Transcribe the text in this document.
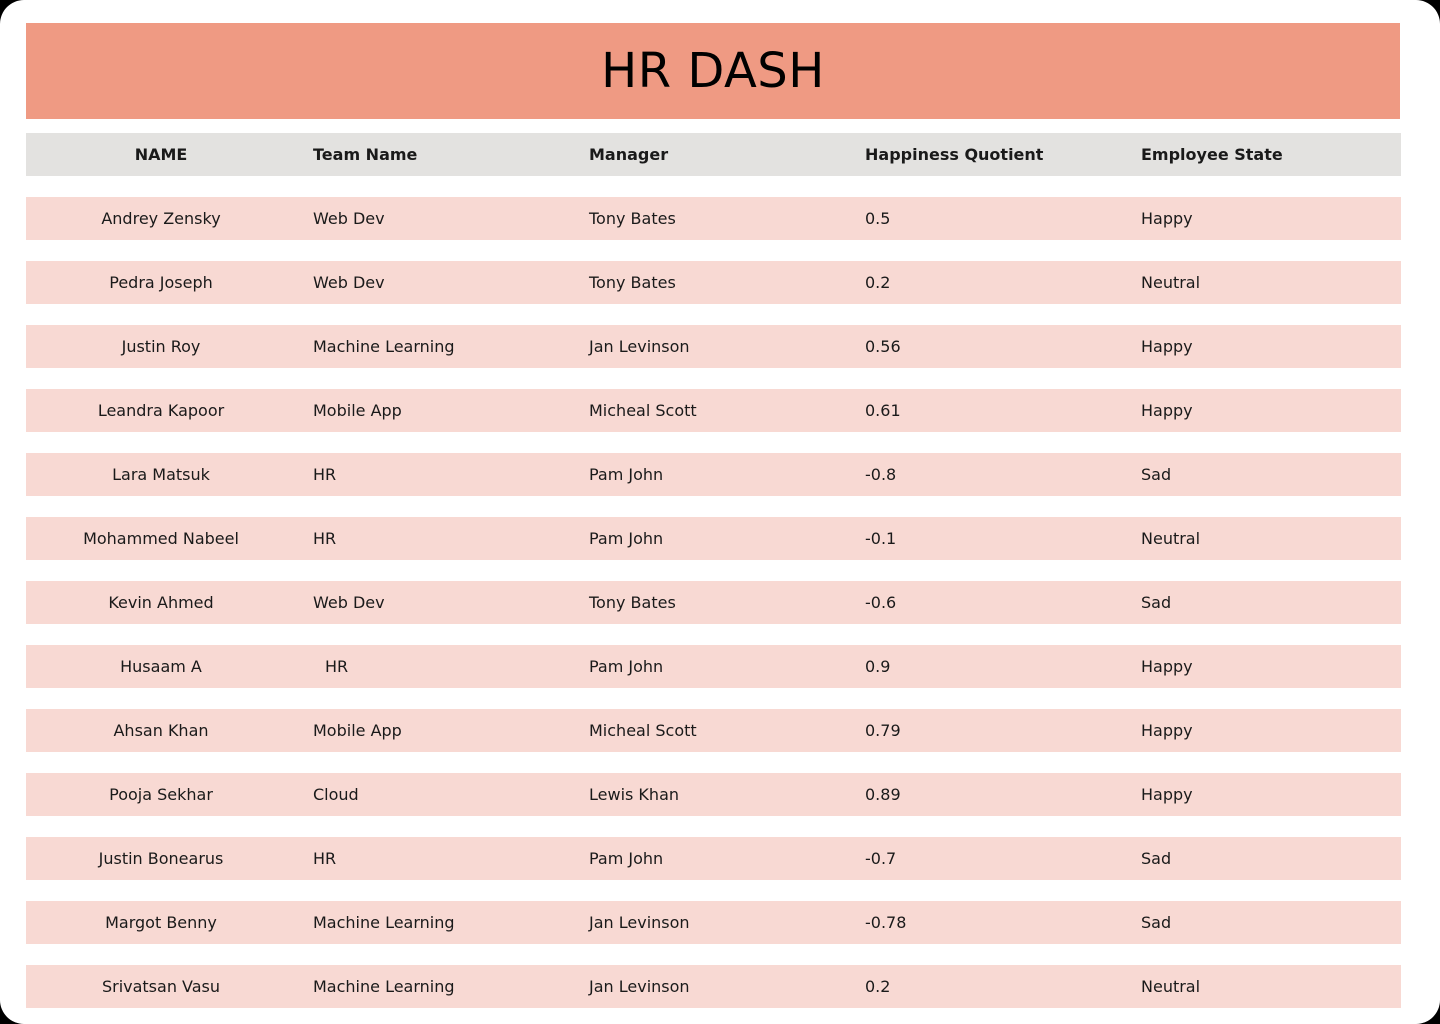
HR DASH
NAME	Team Name	Manager	Happiness Quotient	Employee State
Andrey Zensky	Web Dev	Tony Bates	0.5	Happy
Pedra Joseph	Web Dev	Tony Bates	0.2	Neutral
Justin Roy	Machine Learning	Jan Levinson	0.56	Happy
Leandra Kapoor	Mobile App	Micheal Scott	0.61	Happy
Lara Matsuk	HR	Pam John	-0.8	Sad
Mohammed Nabeel	HR	Pam John	-0.1	Neutral
Kevin Ahmed	Web Dev	Tony Bates	-0.6	Sad
Husaam A	HR	Pam John	0.9	Happy
Ahsan Khan	Mobile App	Micheal Scott	0.79	Happy
Pooja Sekhar	Cloud	Lewis Khan	0.89	Happy
Justin Bonearus	HR	Pam John	-0.7	Sad
Margot Benny	Machine Learning	Jan Levinson	-0.78	Sad
Srivatsan Vasu	Machine Learning	Jan Levinson	0.2	Neutral
